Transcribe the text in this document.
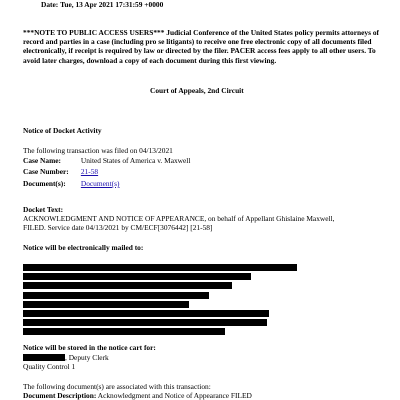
Date: Tue, 13 Apr 2021 17:31:59 +0000
***NOTE TO PUBLIC ACCESS USERS*** Judicial Conference of the United States policy permits attorneys of record and parties in a case (including pro se litigants) to receive one free electronic copy of all documents filed electronically, if receipt is required by law or directed by the filer. PACER access fees apply to all other users. To avoid later charges, download a copy of each document during this first viewing.
Court of Appeals, 2nd Circuit
Notice of Docket Activity
The following transaction was filed on 04/13/2021
Case Name:	United States of America v. Maxwell
Case Number: 21-58
Document(s): Document(s)
Docket Text:
ACKNOWLEDGMENT AND NOTICE OF APPEARANCE, on behalf of Appellant Ghislaine Maxwell,
FILED. Service date 04/13/2021 by CM/ECF[3076442] [21-58]
Notice will be electronically mailed to:
Notice will be stored in the notice cart for:
, Deputy Clerk
Quality Control 1
The following document(s) are associated with this transaction:
Document Description: Acknowledgment and Notice of Appearance FILED
